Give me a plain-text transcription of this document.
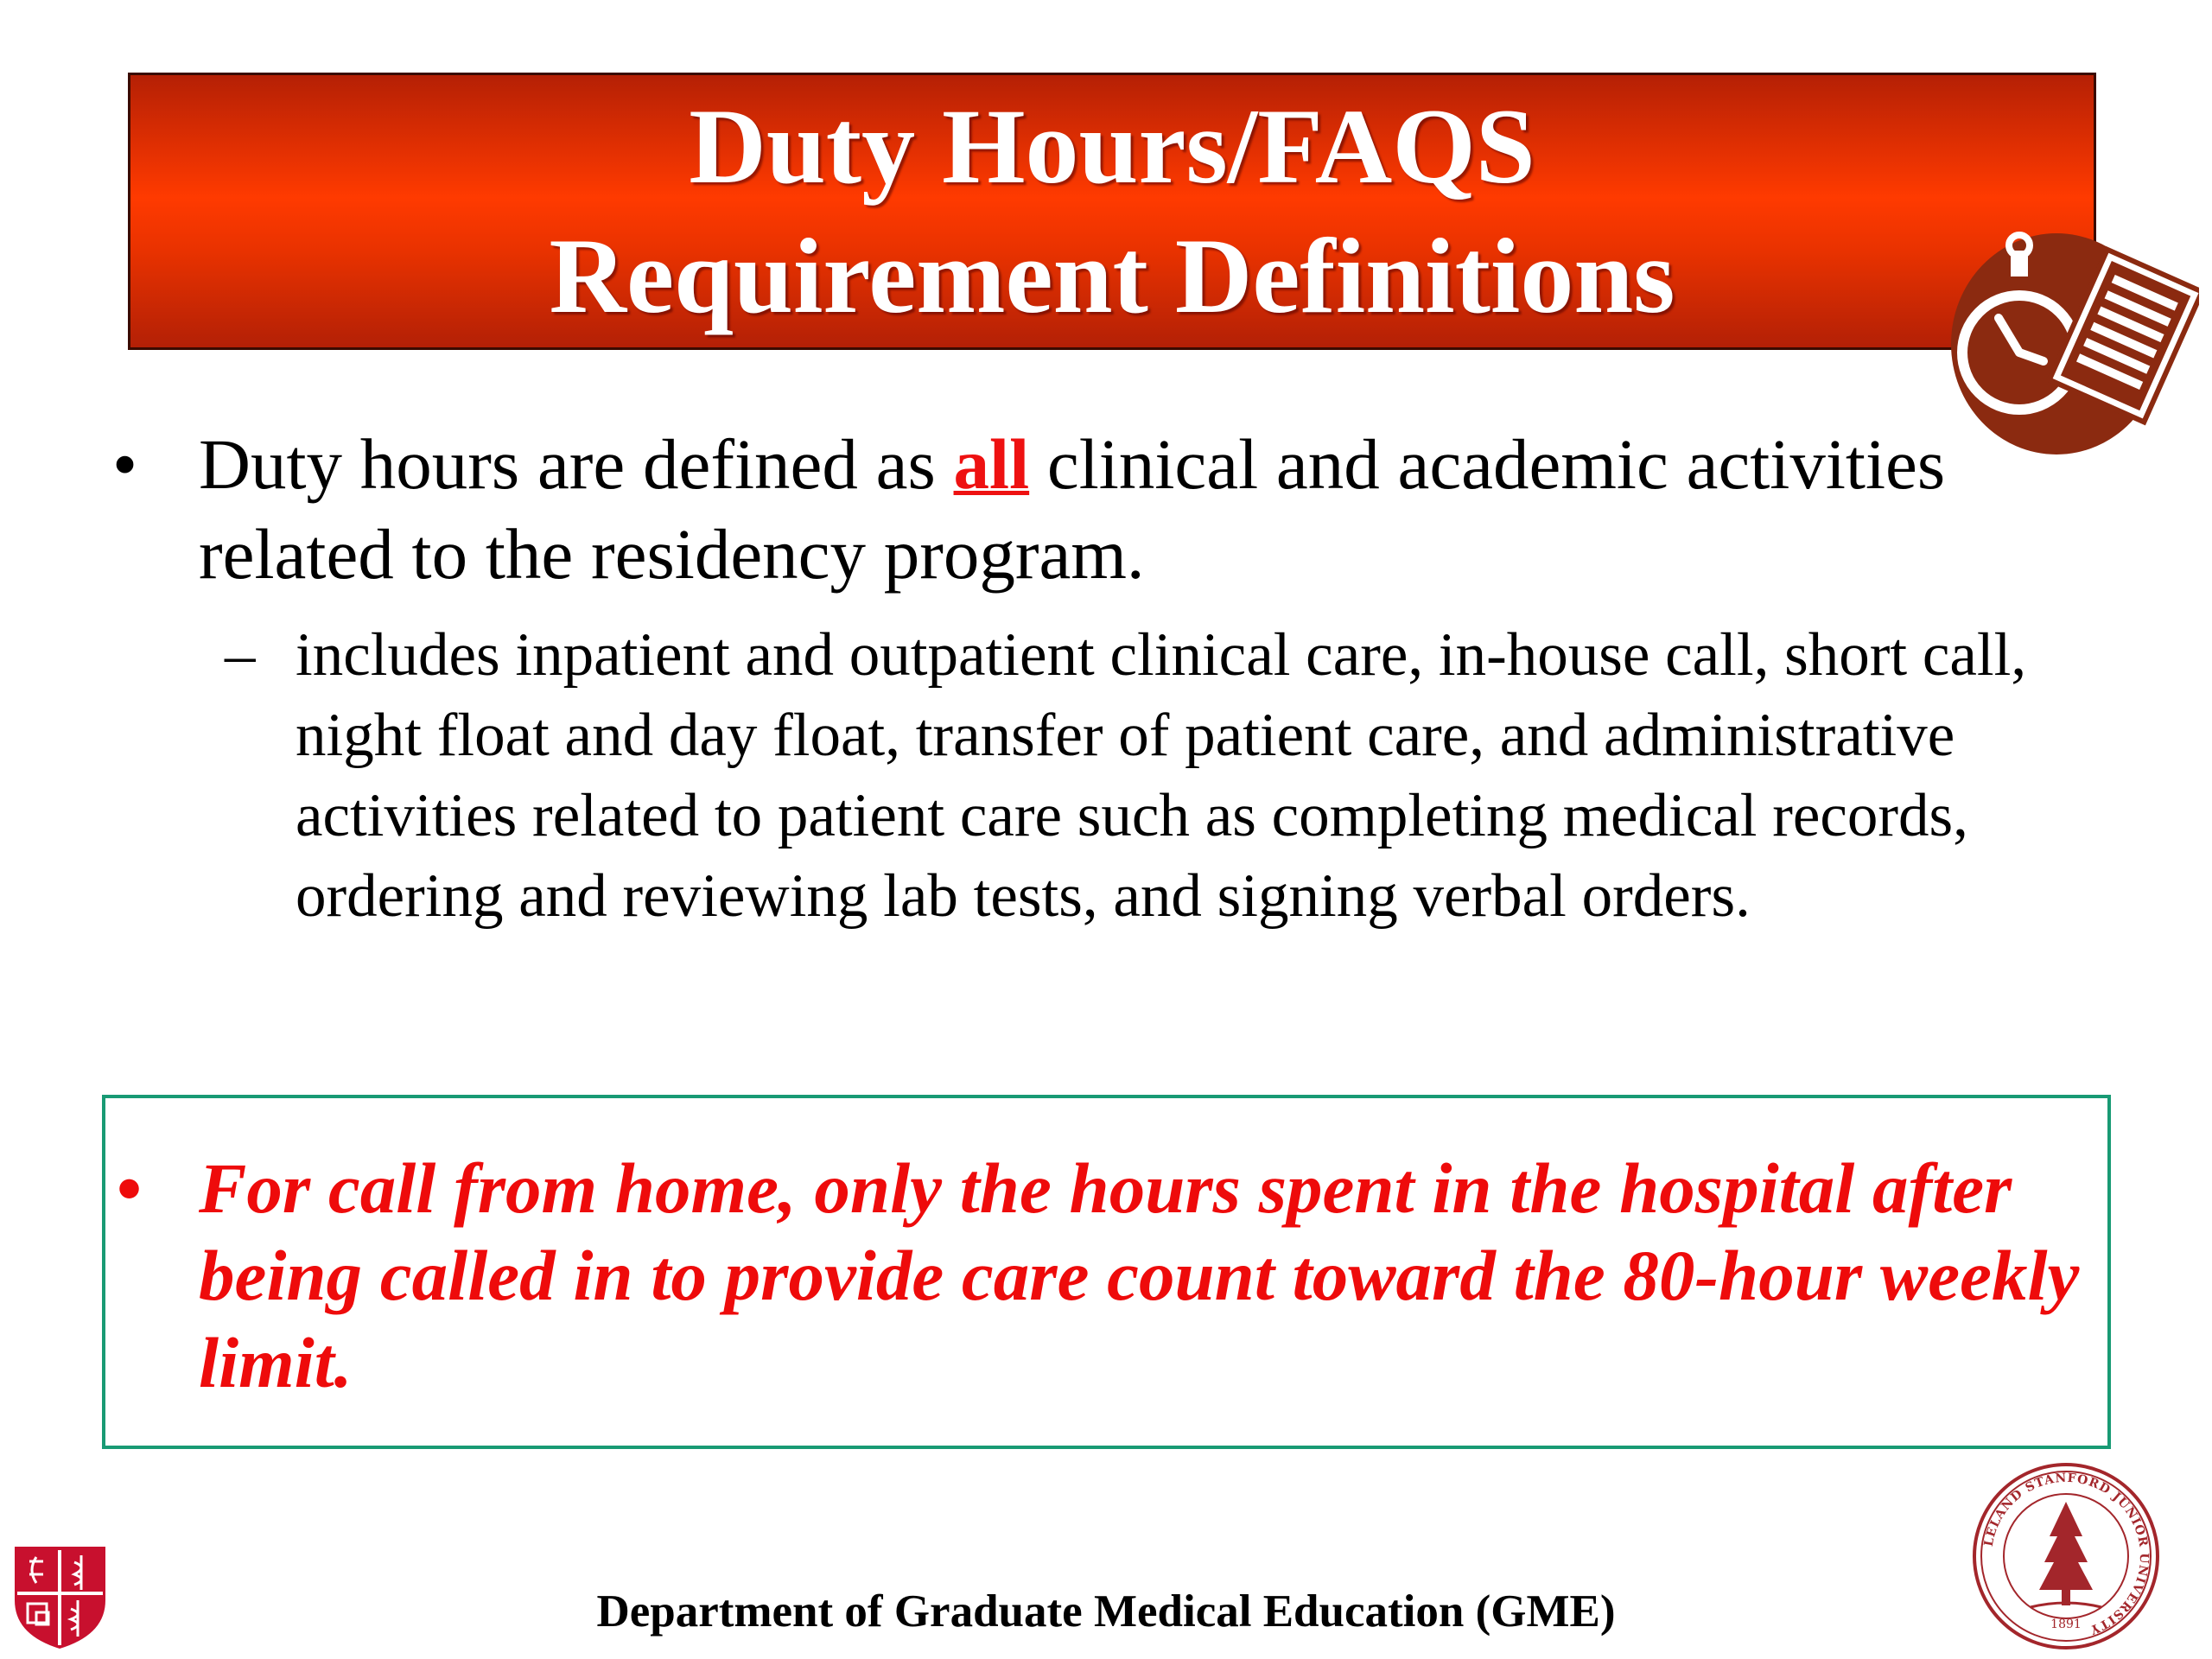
Duty Hours/FAQS
Requirement Definitions
• Duty hours are defined as all clinical and academic activities related to the residency program.
– includes inpatient and outpatient clinical care, in-house call, short call, night float and day float, transfer of patient care, and administrative activities related to patient care such as completing medical records, ordering and reviewing lab tests, and signing verbal orders.
• For call from home, only the hours spent in the hospital after being called in to provide care count toward the 80-hour weekly limit.
Department of Graduate Medical Education (GME)
LELAND STANFORD JUNIOR UNIVERSITY
1891
